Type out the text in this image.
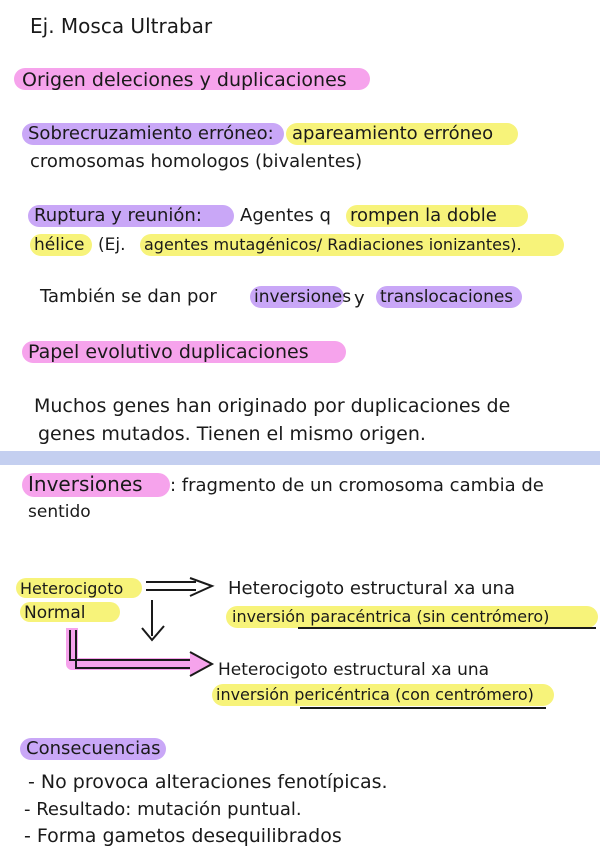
Ej. Mosca Ultrabar
Origen deleciones y duplicaciones
Sobrecruzamiento erróneo: apareamiento erróneo
cromosomas homologos (bivalentes)
Ruptura y reunión: Agentes q rompen la doble
hélice (Ej. agentes mutagénicos/ Radiaciones ionizantes).
También se dan por inversiones y translocaciones
Papel evolutivo duplicaciones
Muchos genes han originado por duplicaciones de
genes mutados. Tienen el mismo origen.
Inversiones : fragmento de un cromosoma cambia de
sentido
Heterocigoto
Normal
Heterocigoto estructural xa una
inversión paracéntrica (sin centrómero)
Heterocigoto estructural xa una
inversión pericéntrica (con centrómero)
Consecuencias
- No provoca alteraciones fenotípicas.
- Resultado: mutación puntual.
- Forma gametos desequilibrados
